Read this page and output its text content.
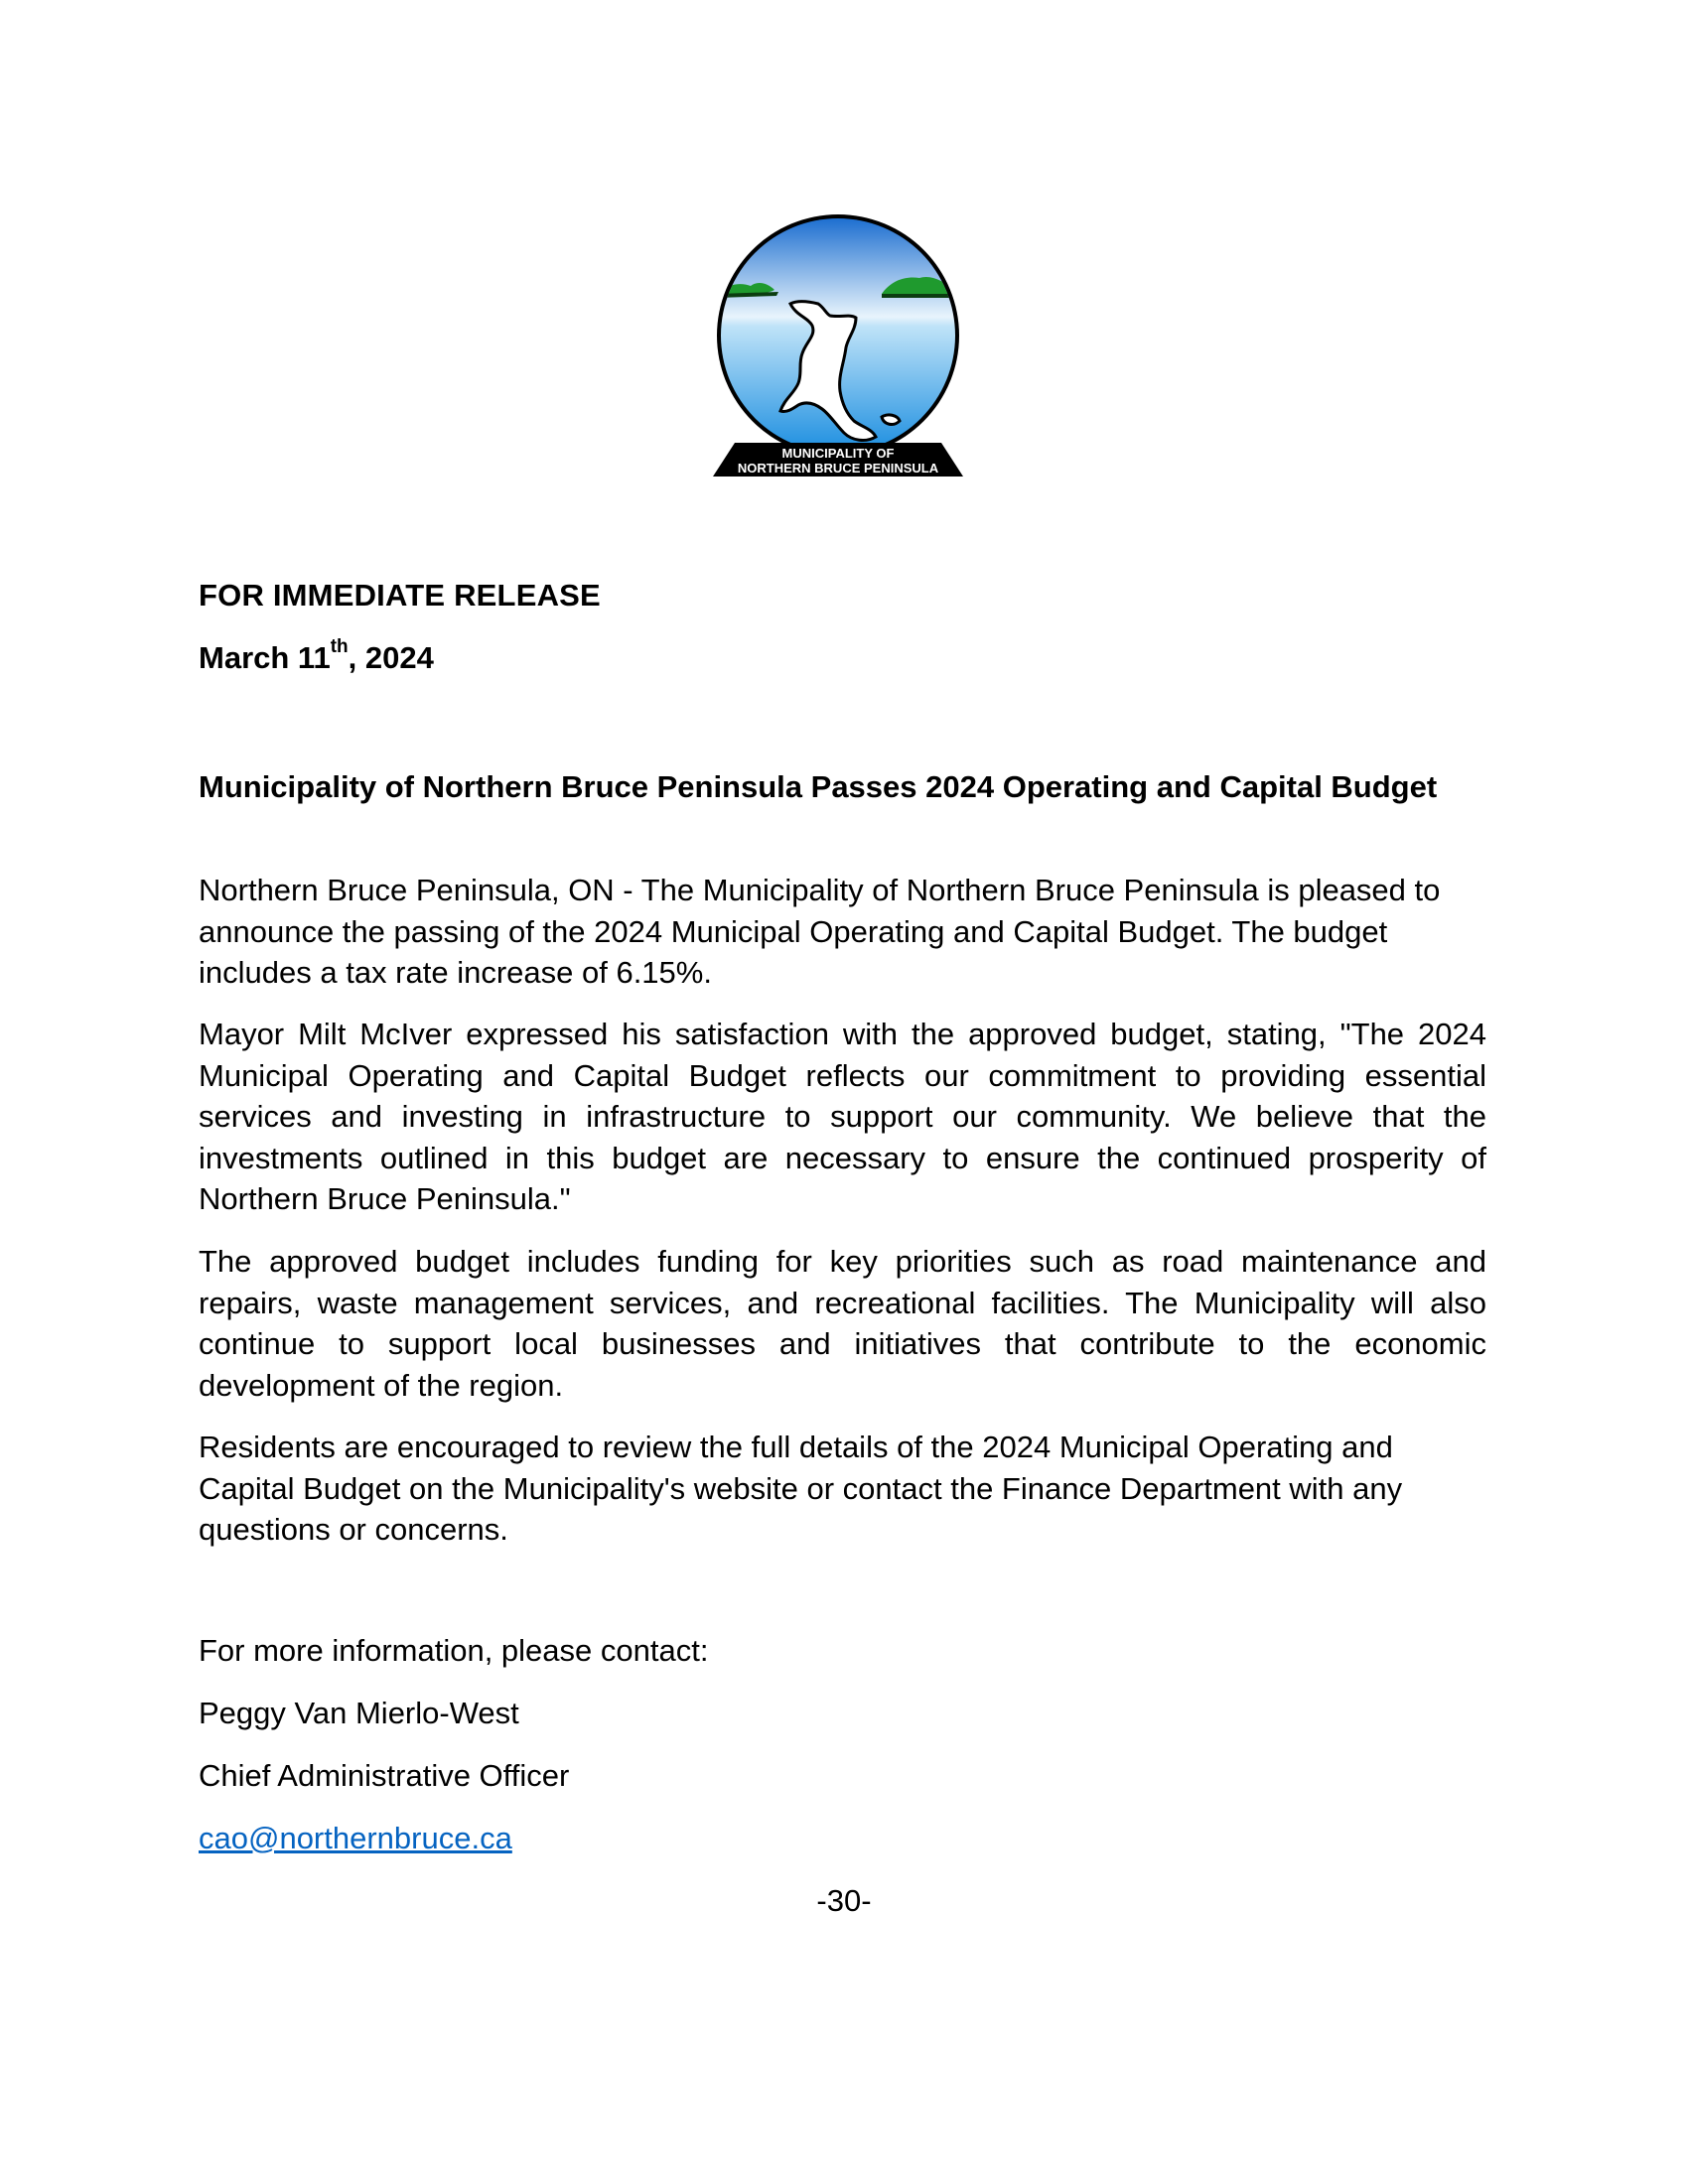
MUNICIPALITY OF
NORTHERN BRUCE PENINSULA
FOR IMMEDIATE RELEASE
March 11th, 2024
Municipality of Northern Bruce Peninsula Passes 2024 Operating and Capital Budget
Northern Bruce Peninsula, ON - The Municipality of Northern Bruce Peninsula is pleased to announce the passing of the 2024 Municipal Operating and Capital Budget. The budget includes a tax rate increase of 6.15%.
Mayor Milt McIver expressed his satisfaction with the approved budget, stating, "The 2024 Municipal Operating and Capital Budget reflects our commitment to providing essential services and investing in infrastructure to support our community. We believe that the investments outlined in this budget are necessary to ensure the continued prosperity of Northern Bruce Peninsula."
The approved budget includes funding for key priorities such as road maintenance and repairs, waste management services, and recreational facilities. The Municipality will also continue to support local businesses and initiatives that contribute to the economic development of the region.
Residents are encouraged to review the full details of the 2024 Municipal Operating and Capital Budget on the Municipality's website or contact the Finance Department with any questions or concerns.
For more information, please contact:
Peggy Van Mierlo-West
Chief Administrative Officer
cao@northernbruce.ca
-30-
